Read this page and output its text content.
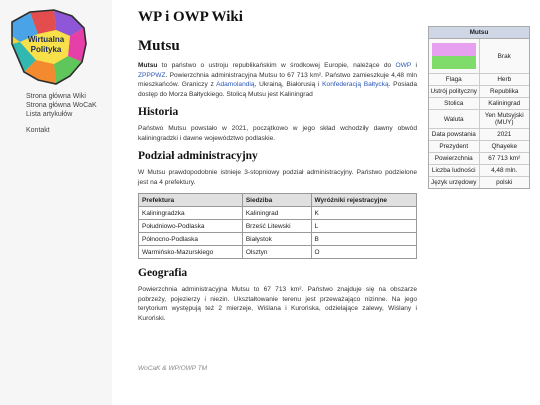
Wirtualna
Polityka
Strona główna Wiki
Strona główna WoCaK
Lista artykułów
Kontakt
WP i OWP Wiki
Mutsu

Mutsu to państwo o ustroju republikańskim w środkowej Europie, należące do OWP i ZPPPWZ. Powierzchnia administracyjna Mutsu to 67 713 km². Państwo zamieszkuje 4,48 mln mieszkańców. Graniczy z Adamolandią, Ukrainą, Białorusią i Konfederacją Bałtycką. Posiada dostęp do Morza Bałtyckiego. Stolicą Mutsu jest Kaliningrad

Historia

Państwo Mutsu powstało w 2021, początkowo w jego skład wchodziły dawny obwód kaliningradzki i dawne województwo podlaskie.

Podział administracyjny

W Mutsu prawdopodobnie istnieje 3-stopniowy podział administracyjny. Państwo podzielone jest na 4 prefektury.

Prefektura	Siedziba	Wyróżniki rejestracyjne
Kaliningradzka	Kaliningrad	K
Południowo-Podlaska	Brześć Litewski	L
Północno-Podlaska	Białystok	B
Warmińsko-Mazurskiego	Olsztyn	O
Geografia

Powierzchnia administracyjna Mutsu to 67 713 km². Państwo znajduje się na obszarze pobrzeży, pojezierzy i niezin. Ukształtowanie terenu jest przeważająco nizinne. Na jego terytorium występują też 2 mierzeje, Wiślana i Kurońska, odzielające zalewy, Wiślany i Kuroński.

WoCaK & WP/OWP TM
Mutsu
Brak
Flaga	Herb
Ustrój polityczny	Republika
Stolica	Kaliningrad
Waluta	Yen Mutsyjski (MUY)
Data powstania	2021
Prezydent	Qhayeke
Powierzchnia	67 713 km²
Liczba ludności	4,48 mln.
Język urzędowy	polski
